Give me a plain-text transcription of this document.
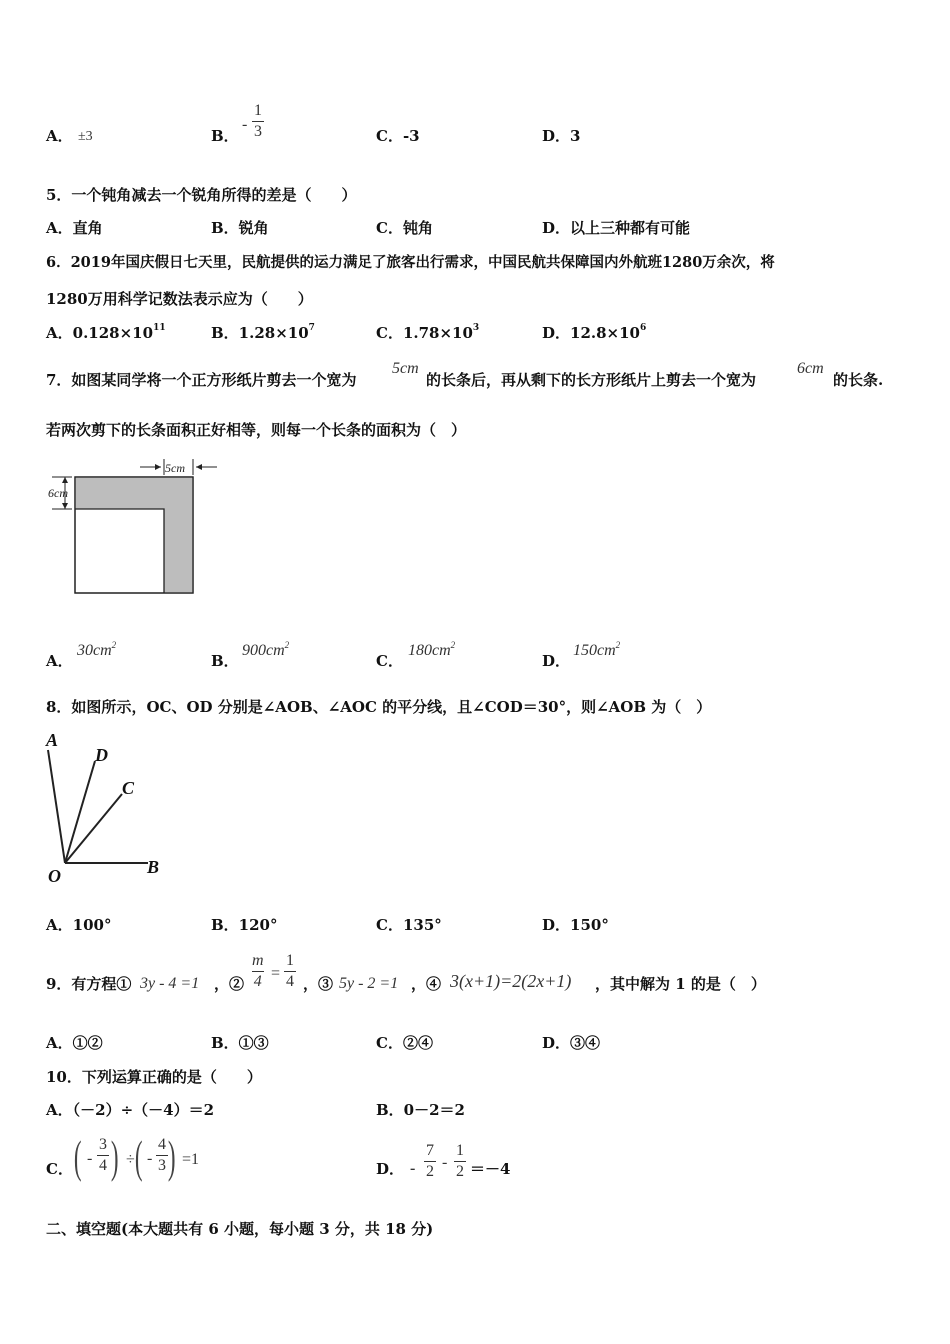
A． ±3	B．
- $\frac{1}{3}$	C．-3	D．3
5．一个钝角减去一个锐角所得的差是（　　）
A．直角	B．锐角	C．钝角	D．以上三种都有可能
6．2019年国庆假日七天里，民航提供的运力满足了旅客出行需求，中国民航共保障国内外航班1280万余次，将
1280万用科学记数法表示应为（　　）
A．$0.128\times 10^{11}$	B．$1.28\times 10^7$	C．$1.78\times 10^3$	D．$12.8\times 10^6$
7．如图某同学将一个正方形纸片剪去一个宽为
5cm
的长条后，再从剩下的长方形纸片上剪去一个宽为
6cm
的长条.
若两次剪下的长条面积正好相等，则每一个长条的面积为（　）
5cm
6cm
A．
$30cm^2$
B．
$900cm^2$
C．
$180cm^2$
D．
$150cm^2$
8．如图所示，OC、OD 分别是∠AOB、∠AOC 的平分线，且∠COD＝30°，则∠AOB 为（　）
A
D
C
O	B
A．100°	B．120°	C．135°	D．150°
9．有方程① 3y - 4 =1 ，② $\frac{m}{4} = \frac{1}{4}$ ，③ 5y - 2 =1 ，④ 3(x+1)=2(2x+1) ，其中解为 1 的是（　）
A．①②	B．①③	C．②④	D．③④
10．下列运算正确的是（　　）
A．（－2）÷（－4）＝2	B．0－2＝2
C． ( - $\frac{3}{4}$ ) ÷ ( - $\frac{4}{3}$ ) =1
D． - $\frac{7}{2} - \frac{1}{2} =-4$
二、填空题(本大题共有 6 小题，每小题 3 分，共 18 分)
